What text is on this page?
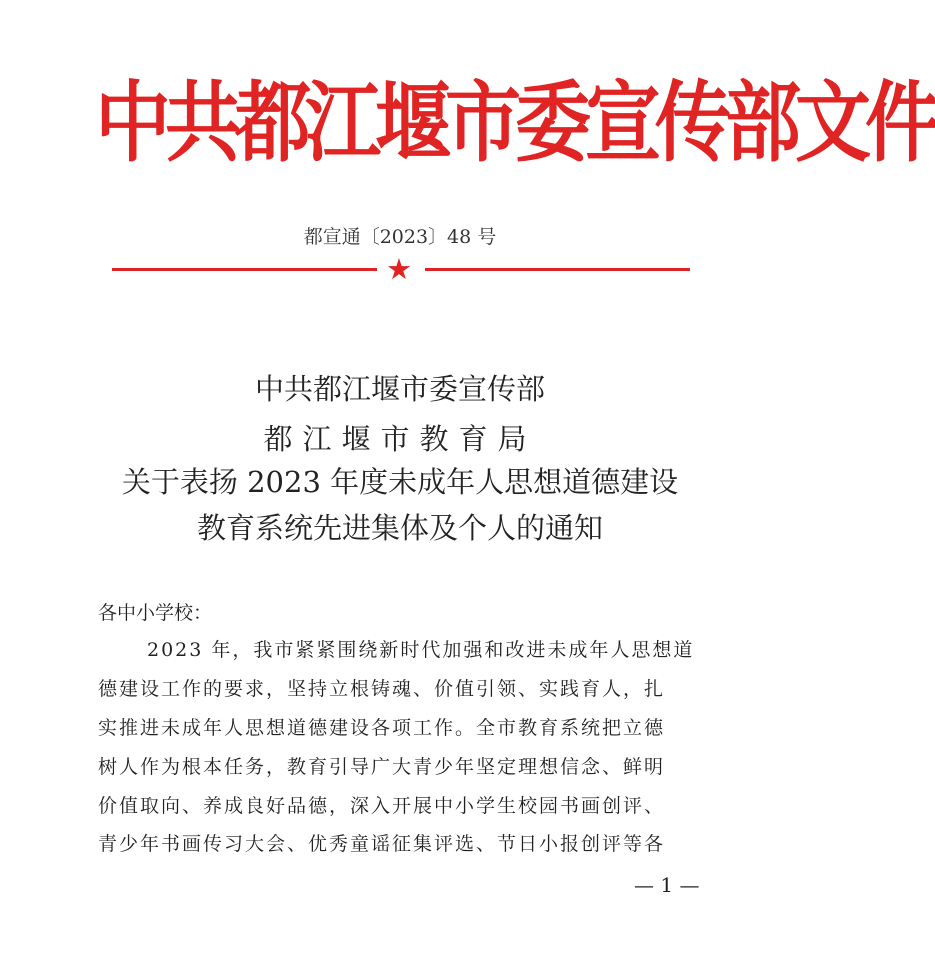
中共都江堰市委宣传部文件
都宣通〔2023〕48 号
★
中共都江堰市委宣传部
都江堰市教育局
关于表扬 2023 年度未成年人思想道德建设
教育系统先进集体及个人的通知
各中小学校：
2023 年，我市紧紧围绕新时代加强和改进未成年人思想道
德建设工作的要求，坚持立根铸魂、价值引领、实践育人，扎
实推进未成年人思想道德建设各项工作。全市教育系统把立德
树人作为根本任务，教育引导广大青少年坚定理想信念、鲜明
价值取向、养成良好品德，深入开展中小学生校园书画创评、
青少年书画传习大会、优秀童谣征集评选、节日小报创评等各
— 1 —
